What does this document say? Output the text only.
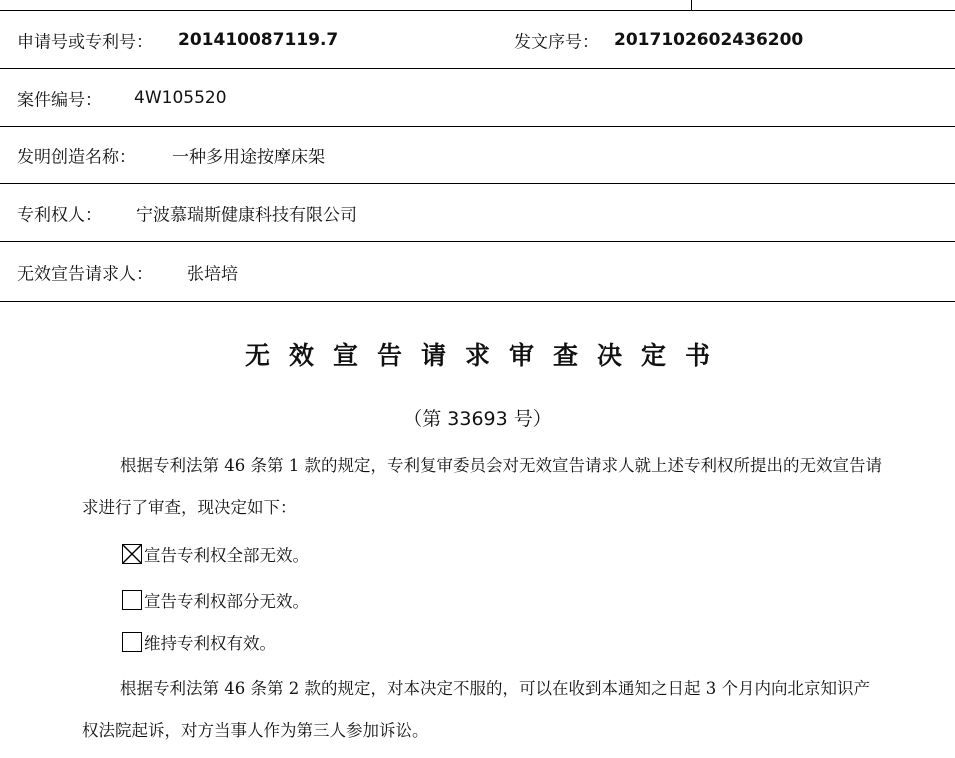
申请号或专利号： 201410087119.7	发文序号： 2017102602436200
案件编号： 4W105520
发明创造名称： 一种多用途按摩床架
专利权人： 宁波慕瑞斯健康科技有限公司
无效宣告请求人： 张培培
无效宣告请求审查决定书
（第 33693 号）
根据专利法第 46 条第 1 款的规定，专利复审委员会对无效宣告请求人就上述专利权所提出的无效宣告请求进行了审查，现决定如下：
宣告专利权全部无效。
宣告专利权部分无效。
维持专利权有效。
根据专利法第 46 条第 2 款的规定，对本决定不服的，可以在收到本通知之日起 3 个月内向北京知识产权法院起诉，对方当事人作为第三人参加诉讼。
